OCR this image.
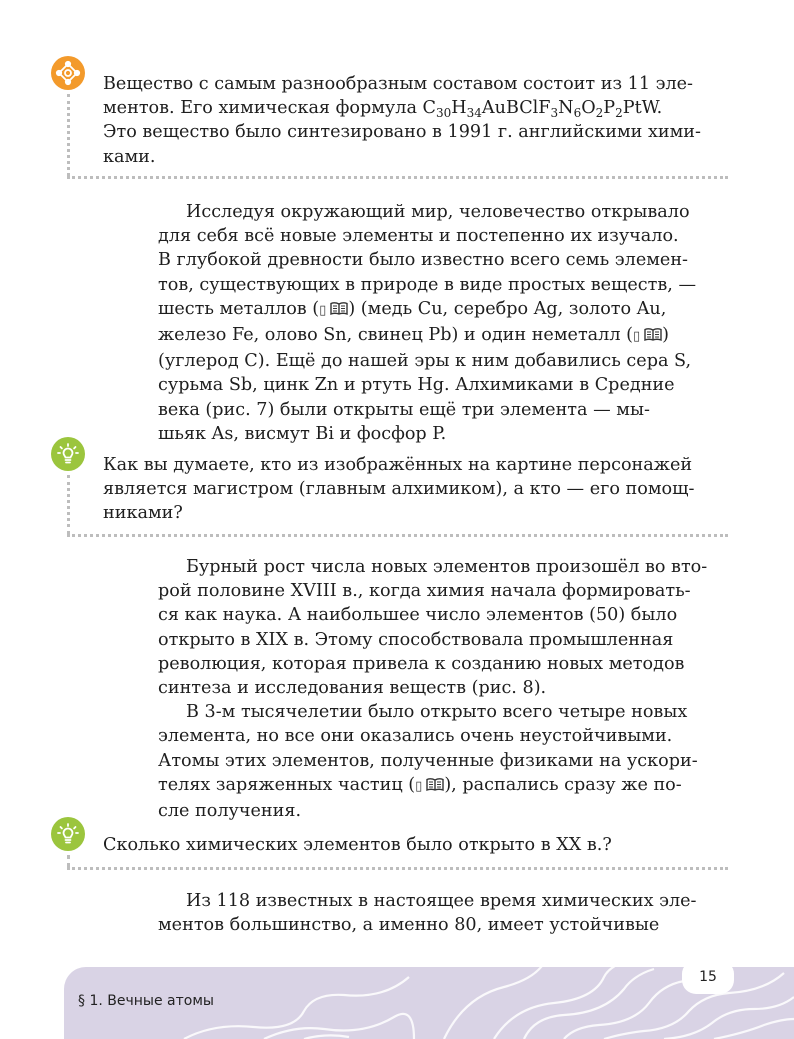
Вещество с самым разнообразным составом состоит из 11 эле-
ментов. Его химическая формула $C_{30}H_{34}AuBClF_3N_6O_2P_2PtW$.
Это вещество было синтезировано в 1991 г. английскими хими-
ками.
Исследуя окружающий мир, человечество открывало
для себя всё новые элементы и постепенно их изучало.
В глубокой древности было известно всего семь элемен-
тов, существующих в природе в виде простых веществ, —
шесть металлов (▯ ) (медь Cu, серебро Ag, золото Au,
железо Fe, олово Sn, свинец Pb) и один неметалл (▯ )
(углерод C). Ещё до нашей эры к ним добавились сера S,
сурьма Sb, цинк Zn и ртуть Hg. Алхимиками в Средние
века (рис. 7) были открыты ещё три элемента — мы-
шьяк As, висмут Bi и фосфор P.
Как вы думаете, кто из изображённых на картине персонажей
является магистром (главным алхимиком), а кто — его помощ-
никами?
Бурный рост числа новых элементов произошёл во вто-
рой половине XVIII в., когда химия начала формировать-
ся как наука. А наибольшее число элементов (50) было
открыто в XIX в. Этому способствовала промышленная
революция, которая привела к созданию новых методов
синтеза и исследования веществ (рис. 8).
В 3-м тысячелетии было открыто всего четыре новых
элемента, но все они оказались очень неустойчивыми.
Атомы этих элементов, полученные физиками на ускори-
телях заряженных частиц (▯ ), распались сразу же по-
сле получения.
Сколько химических элементов было открыто в XX в.?
Из 118 известных в настоящее время химических эле-
ментов большинство, а именно 80, имеет устойчивые
§ 1. Вечные атомы
15
